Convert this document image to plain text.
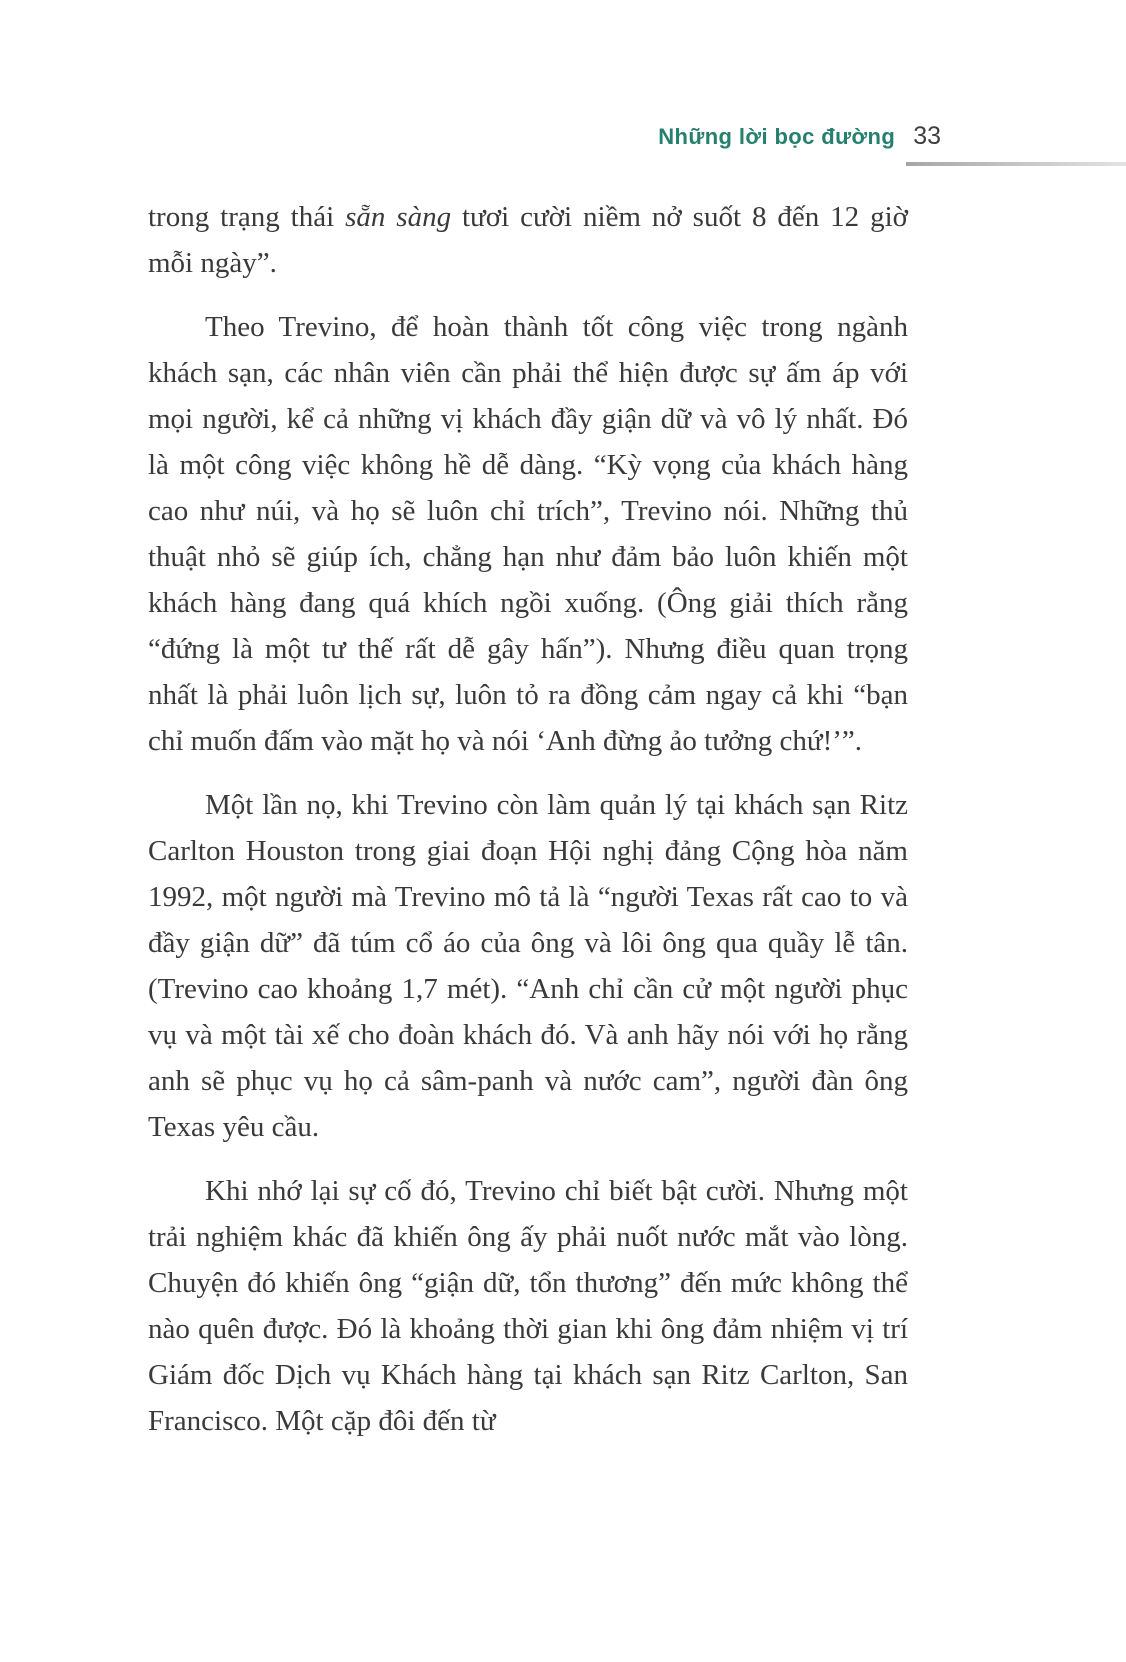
Những lời bọc đường 33

trong trạng thái sẵn sàng tươi cười niềm nở suốt 8 đến 12 giờ mỗi ngày”.

Theo Trevino, để hoàn thành tốt công việc trong ngành khách sạn, các nhân viên cần phải thể hiện được sự ấm áp với mọi người, kể cả những vị khách đầy giận dữ và vô lý nhất. Đó là một công việc không hề dễ dàng. “Kỳ vọng của khách hàng cao như núi, và họ sẽ luôn chỉ trích”, Trevino nói. Những thủ thuật nhỏ sẽ giúp ích, chẳng hạn như đảm bảo luôn khiến một khách hàng đang quá khích ngồi xuống. (Ông giải thích rằng “đứng là một tư thế rất dễ gây hấn”). Nhưng điều quan trọng nhất là phải luôn lịch sự, luôn tỏ ra đồng cảm ngay cả khi “bạn chỉ muốn đấm vào mặt họ và nói ‘Anh đừng ảo tưởng chứ!’”.

Một lần nọ, khi Trevino còn làm quản lý tại khách sạn Ritz Carlton Houston trong giai đoạn Hội nghị đảng Cộng hòa năm 1992, một người mà Trevino mô tả là “người Texas rất cao to và đầy giận dữ” đã túm cổ áo của ông và lôi ông qua quầy lễ tân. (Trevino cao khoảng 1,7 mét). “Anh chỉ cần cử một người phục vụ và một tài xế cho đoàn khách đó. Và anh hãy nói với họ rằng anh sẽ phục vụ họ cả sâm-panh và nước cam”, người đàn ông Texas yêu cầu.

Khi nhớ lại sự cố đó, Trevino chỉ biết bật cười. Nhưng một trải nghiệm khác đã khiến ông ấy phải nuốt nước mắt vào lòng. Chuyện đó khiến ông “giận dữ, tổn thương” đến mức không thể nào quên được. Đó là khoảng thời gian khi ông đảm nhiệm vị trí Giám đốc Dịch vụ Khách hàng tại khách sạn Ritz Carlton, San Francisco. Một cặp đôi đến từ
